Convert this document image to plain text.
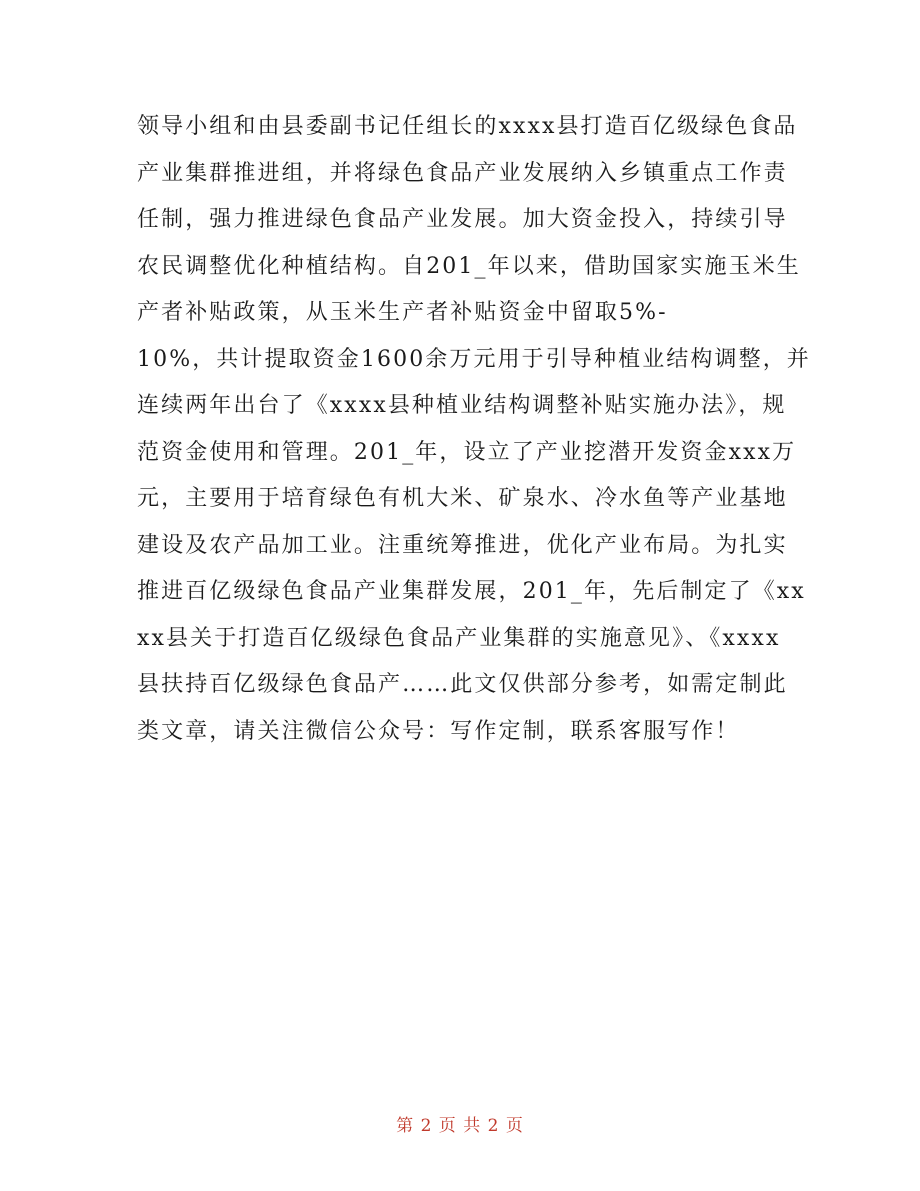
领导小组和由县委副书记任组长的xxxx县打造百亿级绿色食品

产业集群推进组，并将绿色食品产业发展纳入乡镇重点工作责

任制，强力推进绿色食品产业发展。加大资金投入，持续引导

农民调整优化种植结构。自201_年以来，借助国家实施玉米生

产者补贴政策，从玉米生产者补贴资金中留取5%-

10%，共计提取资金1600余万元用于引导种植业结构调整，并

连续两年出台了《xxxx县种植业结构调整补贴实施办法》，规

范资金使用和管理。201_年，设立了产业挖潜开发资金xxx万

元，主要用于培育绿色有机大米、矿泉水、冷水鱼等产业基地

建设及农产品加工业。注重统筹推进，优化产业布局。为扎实

推进百亿级绿色食品产业集群发展，201_年，先后制定了《xx

xx县关于打造百亿级绿色食品产业集群的实施意见》、《xxxx

县扶持百亿级绿色食品产……此文仅供部分参考，如需定制此

类文章，请关注微信公众号：写作定制，联系客服写作！

第 2 页 共 2 页
